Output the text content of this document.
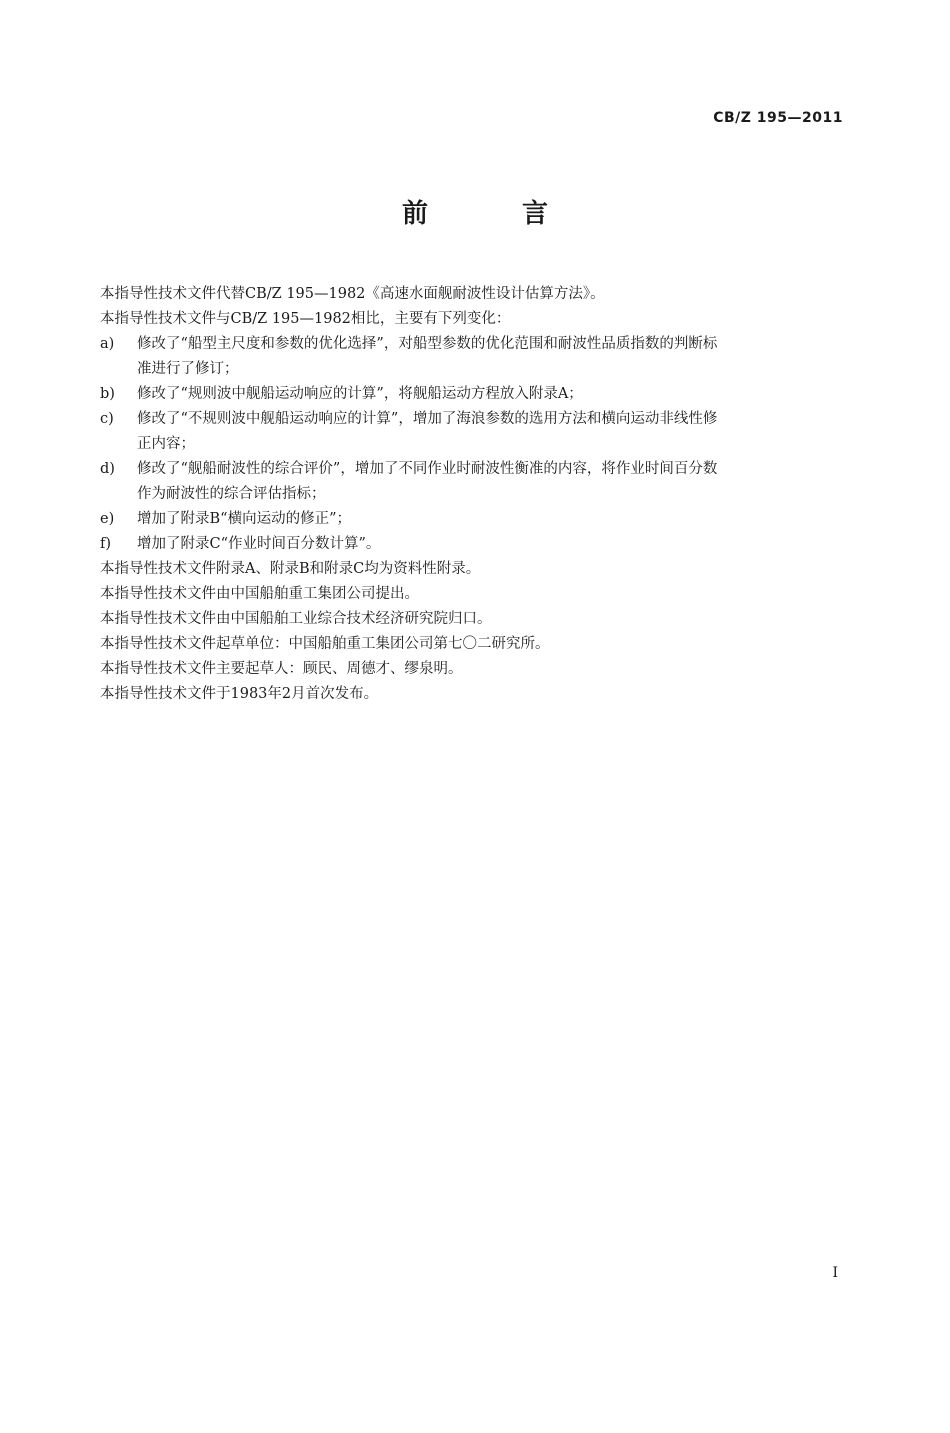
CB/Z 195—2011
前　言

本指导性技术文件代替CB/Z 195—1982《高速水面舰耐波性设计估算方法》。

本指导性技术文件与CB/Z 195—1982相比，主要有下列变化：

a)	修改了“船型主尺度和参数的优化选择”，对船型参数的优化范围和耐波性品质指数的判断标
准进行了修订；
b)	修改了“规则波中舰船运动响应的计算”，将舰船运动方程放入附录A；
c)	修改了“不规则波中舰船运动响应的计算”，增加了海浪参数的选用方法和横向运动非线性修
正内容；
d)	修改了“舰船耐波性的综合评价”，增加了不同作业时耐波性衡准的内容，将作业时间百分数
作为耐波性的综合评估指标；
e)	增加了附录B“横向运动的修正”；
f)	增加了附录C“作业时间百分数计算”。

本指导性技术文件附录A、附录B和附录C均为资料性附录。

本指导性技术文件由中国船舶重工集团公司提出。

本指导性技术文件由中国船舶工业综合技术经济研究院归口。

本指导性技术文件起草单位：中国船舶重工集团公司第七〇二研究所。

本指导性技术文件主要起草人：顾民、周德才、缪泉明。

本指导性技术文件于1983年2月首次发布。

I
